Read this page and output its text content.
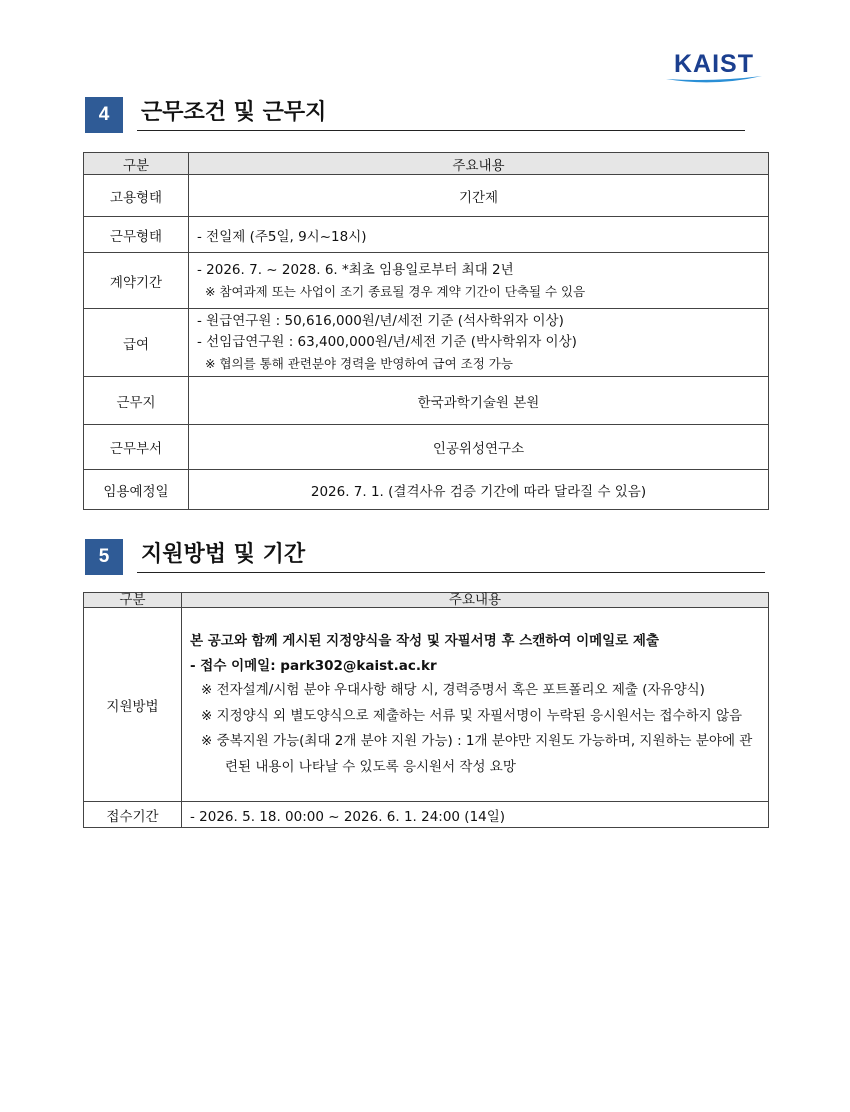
KAIST
4	근무조건 및 근무지
구분	주요내용
고용형태	기간제
근무형태	- 전일제 (주5일, 9시~18시)
계약기간	- 2026. 7. ~ 2028. 6. *최초 임용일로부터 최대 2년
※ 참여과제 또는 사업이 조기 종료될 경우 계약 기간이 단축될 수 있음

급여	- 원급연구원 : 50,616,000원/년/세전 기준 (석사학위자 이상)
- 선임급연구원 : 63,400,000원/년/세전 기준 (박사학위자 이상)
※ 협의를 통해 관련분야 경력을 반영하여 급여 조정 가능

근무지	한국과학기술원 본원
근무부서	인공위성연구소
임용예정일	2026. 7. 1. (결격사유 검증 기간에 따라 달라질 수 있음)
5	지원방법 및 기간
구분	주요내용
지원방법	본 공고와 함께 게시된 지정양식을 작성 및 자필서명 후 스캔하여 이메일로 제출
- 접수 이메일: park302@kaist.ac.kr
※ 전자설계/시험 분야 우대사항 해당 시, 경력증명서 혹은 포트폴리오 제출 (자유양식)
※ 지정양식 외 별도양식으로 제출하는 서류 및 자필서명이 누락된 응시원서는 접수하지 않음
※ 중복지원 가능(최대 2개 분야 지원 가능) : 1개 분야만 지원도 가능하며, 지원하는 분야에 관련된 내용이 나타날 수 있도록 응시원서 작성 요망

접수기간	- 2026. 5. 18. 00:00 ~ 2026. 6. 1. 24:00 (14일)
